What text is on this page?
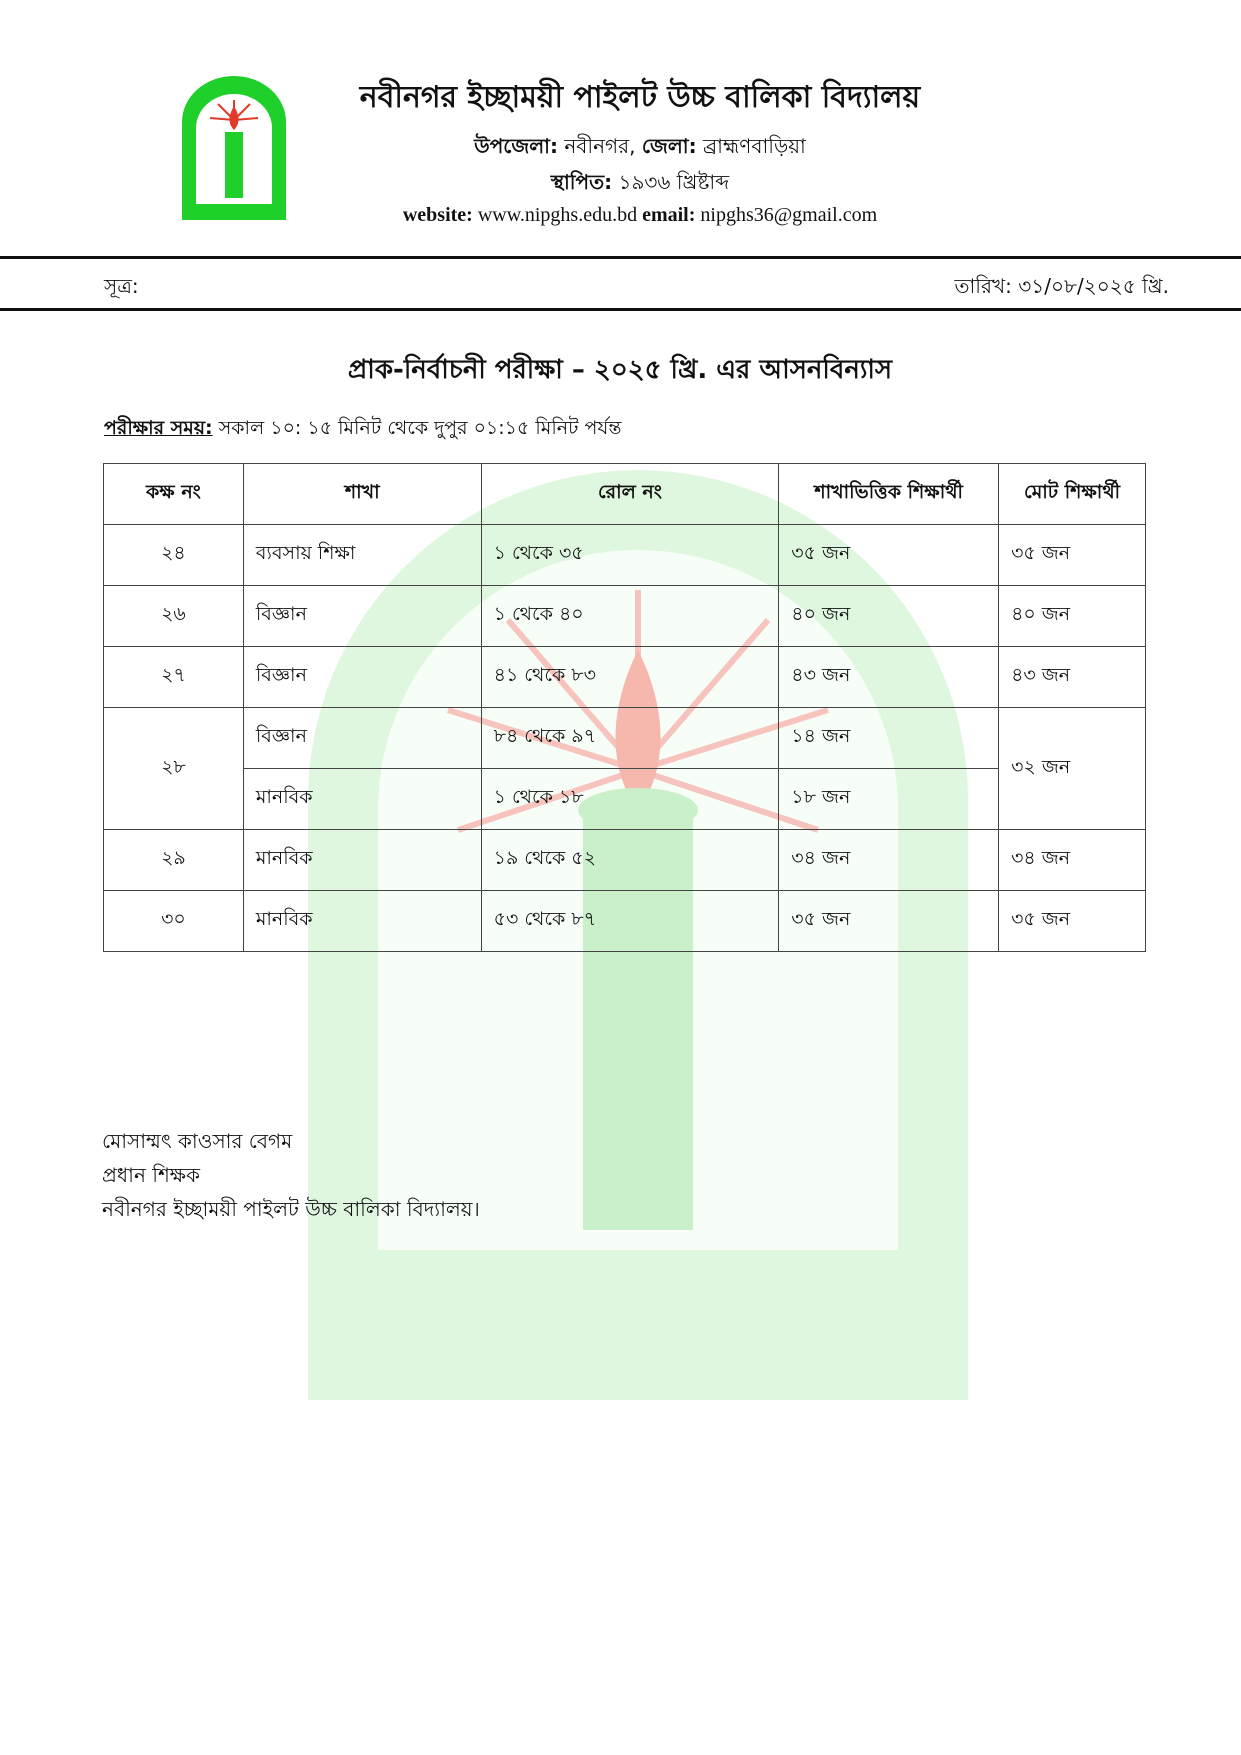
নবীনগর ইচ্ছাময়ী পাইলট উচ্চ বালিকা বিদ্যালয়
উপজেলা: নবীনগর, জেলা: ব্রাহ্মণবাড়িয়া
স্থাপিত: ১৯৩৬ খ্রিষ্টাব্দ
website: www.nipghs.edu.bd email: nipghs36@gmail.com
সূত্র:	তারিখ: ৩১/০৮/২০২৫ খ্রি.
প্রাক-নির্বাচনী পরীক্ষা – ২০২৫ খ্রি. এর আসনবিন্যাস
পরীক্ষার সময়: সকাল ১০: ১৫ মিনিট থেকে দুপুর ০১:১৫ মিনিট পর্যন্ত
কক্ষ নং	শাখা	রোল নং	শাখাভিত্তিক শিক্ষার্থী	মোট শিক্ষার্থী
২৪	ব্যবসায় শিক্ষা	১ থেকে ৩৫	৩৫ জন	৩৫ জন
২৬	বিজ্ঞান	১ থেকে ৪০	৪০ জন	৪০ জন
২৭	বিজ্ঞান	৪১ থেকে ৮৩	৪৩ জন	৪৩ জন
২৮	বিজ্ঞান	৮৪ থেকে ৯৭	১৪ জন	৩২ জন
	মানবিক	১ থেকে ১৮	১৮ জন	
২৯	মানবিক	১৯ থেকে ৫২	৩৪ জন	৩৪ জন
৩০	মানবিক	৫৩ থেকে ৮৭	৩৫ জন	৩৫ জন
মোসাম্মৎ কাওসার বেগম
প্রধান শিক্ষক
নবীনগর ইচ্ছাময়ী পাইলট উচ্চ বালিকা বিদ্যালয়।
